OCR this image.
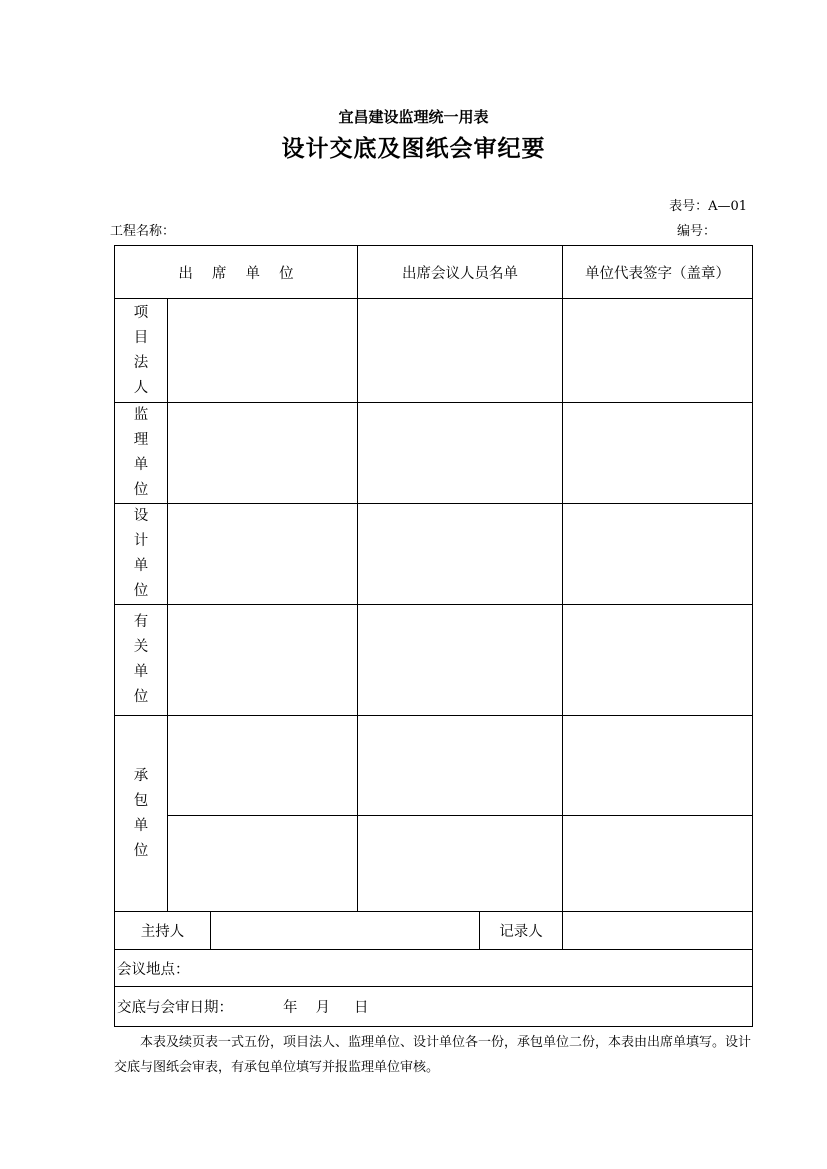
宜昌建设监理统一用表
设计交底及图纸会审纪要
表号：A—01
工程名称：	编号：
出　 席　 单　 位			出席会议人员名单		单位代表签字（盖章）

项
目
法
人					

监
理
单
位					

设
计
单
位					

有
关
单
位					

承
包
单
位					

主持人				记录人	
会议地点：					
交底与会审日期： 年 月 日					
本表及续页表一式五份，项目法人、监理单位、设计单位各一份，承包单位二份，本表由出席单填写。设计交底与图纸会审表，有承包单位填写并报监理单位审核。
